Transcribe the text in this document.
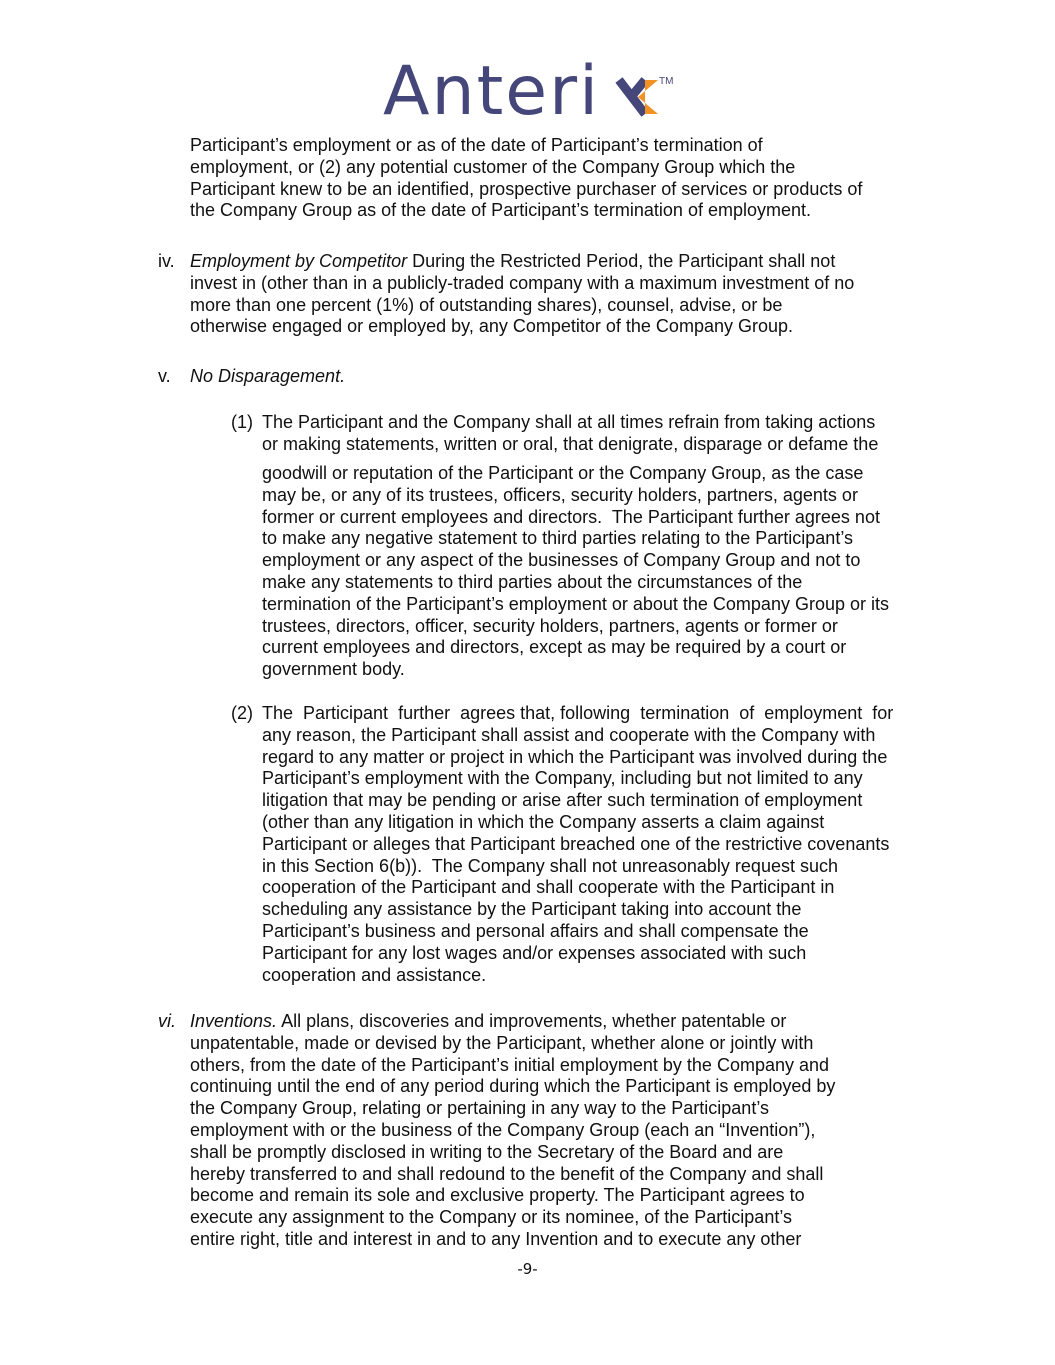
Anteri	TM
Participant’s employment or as of the date of Participant’s termination of
employment, or (2) any potential customer of the Company Group which the
Participant knew to be an identified, prospective purchaser of services or products of
the Company Group as of the date of Participant’s termination of employment.
iv. Employment by Competitor During the Restricted Period, the Participant shall not
invest in (other than in a publicly-traded company with a maximum investment of no
more than one percent (1%) of outstanding shares), counsel, advise, or be
otherwise engaged or employed by, any Competitor of the Company Group.
v. No Disparagement.
(1) The Participant and the Company shall at all times refrain from taking actions
or making statements, written or oral, that denigrate, disparage or defame the
goodwill or reputation of the Participant or the Company Group, as the case
may be, or any of its trustees, officers, security holders, partners, agents or
former or current employees and directors.  The Participant further agrees not
to make any negative statement to third parties relating to the Participant’s
employment or any aspect of the businesses of Company Group and not to
make any statements to third parties about the circumstances of the
termination of the Participant’s employment or about the Company Group or its
trustees, directors, officer, security holders, partners, agents or former or
current employees and directors, except as may be required by a court or
government body.
(2) The  Participant  further  agrees that, following  termination  of  employment  for
any reason, the Participant shall assist and cooperate with the Company with
regard to any matter or project in which the Participant was involved during the
Participant’s employment with the Company, including but not limited to any
litigation that may be pending or arise after such termination of employment
(other than any litigation in which the Company asserts a claim against
Participant or alleges that Participant breached one of the restrictive covenants
in this Section 6(b)).  The Company shall not unreasonably request such
cooperation of the Participant and shall cooperate with the Participant in
scheduling any assistance by the Participant taking into account the
Participant’s business and personal affairs and shall compensate the
Participant for any lost wages and/or expenses associated with such
cooperation and assistance.
vi. Inventions. All plans, discoveries and improvements, whether patentable or
unpatentable, made or devised by the Participant, whether alone or jointly with
others, from the date of the Participant’s initial employment by the Company and
continuing until the end of any period during which the Participant is employed by
the Company Group, relating or pertaining in any way to the Participant’s
employment with or the business of the Company Group (each an “Invention”),
shall be promptly disclosed in writing to the Secretary of the Board and are
hereby transferred to and shall redound to the benefit of the Company and shall
become and remain its sole and exclusive property. The Participant agrees to
execute any assignment to the Company or its nominee, of the Participant’s
entire right, title and interest in and to any Invention and to execute any other
-9-
